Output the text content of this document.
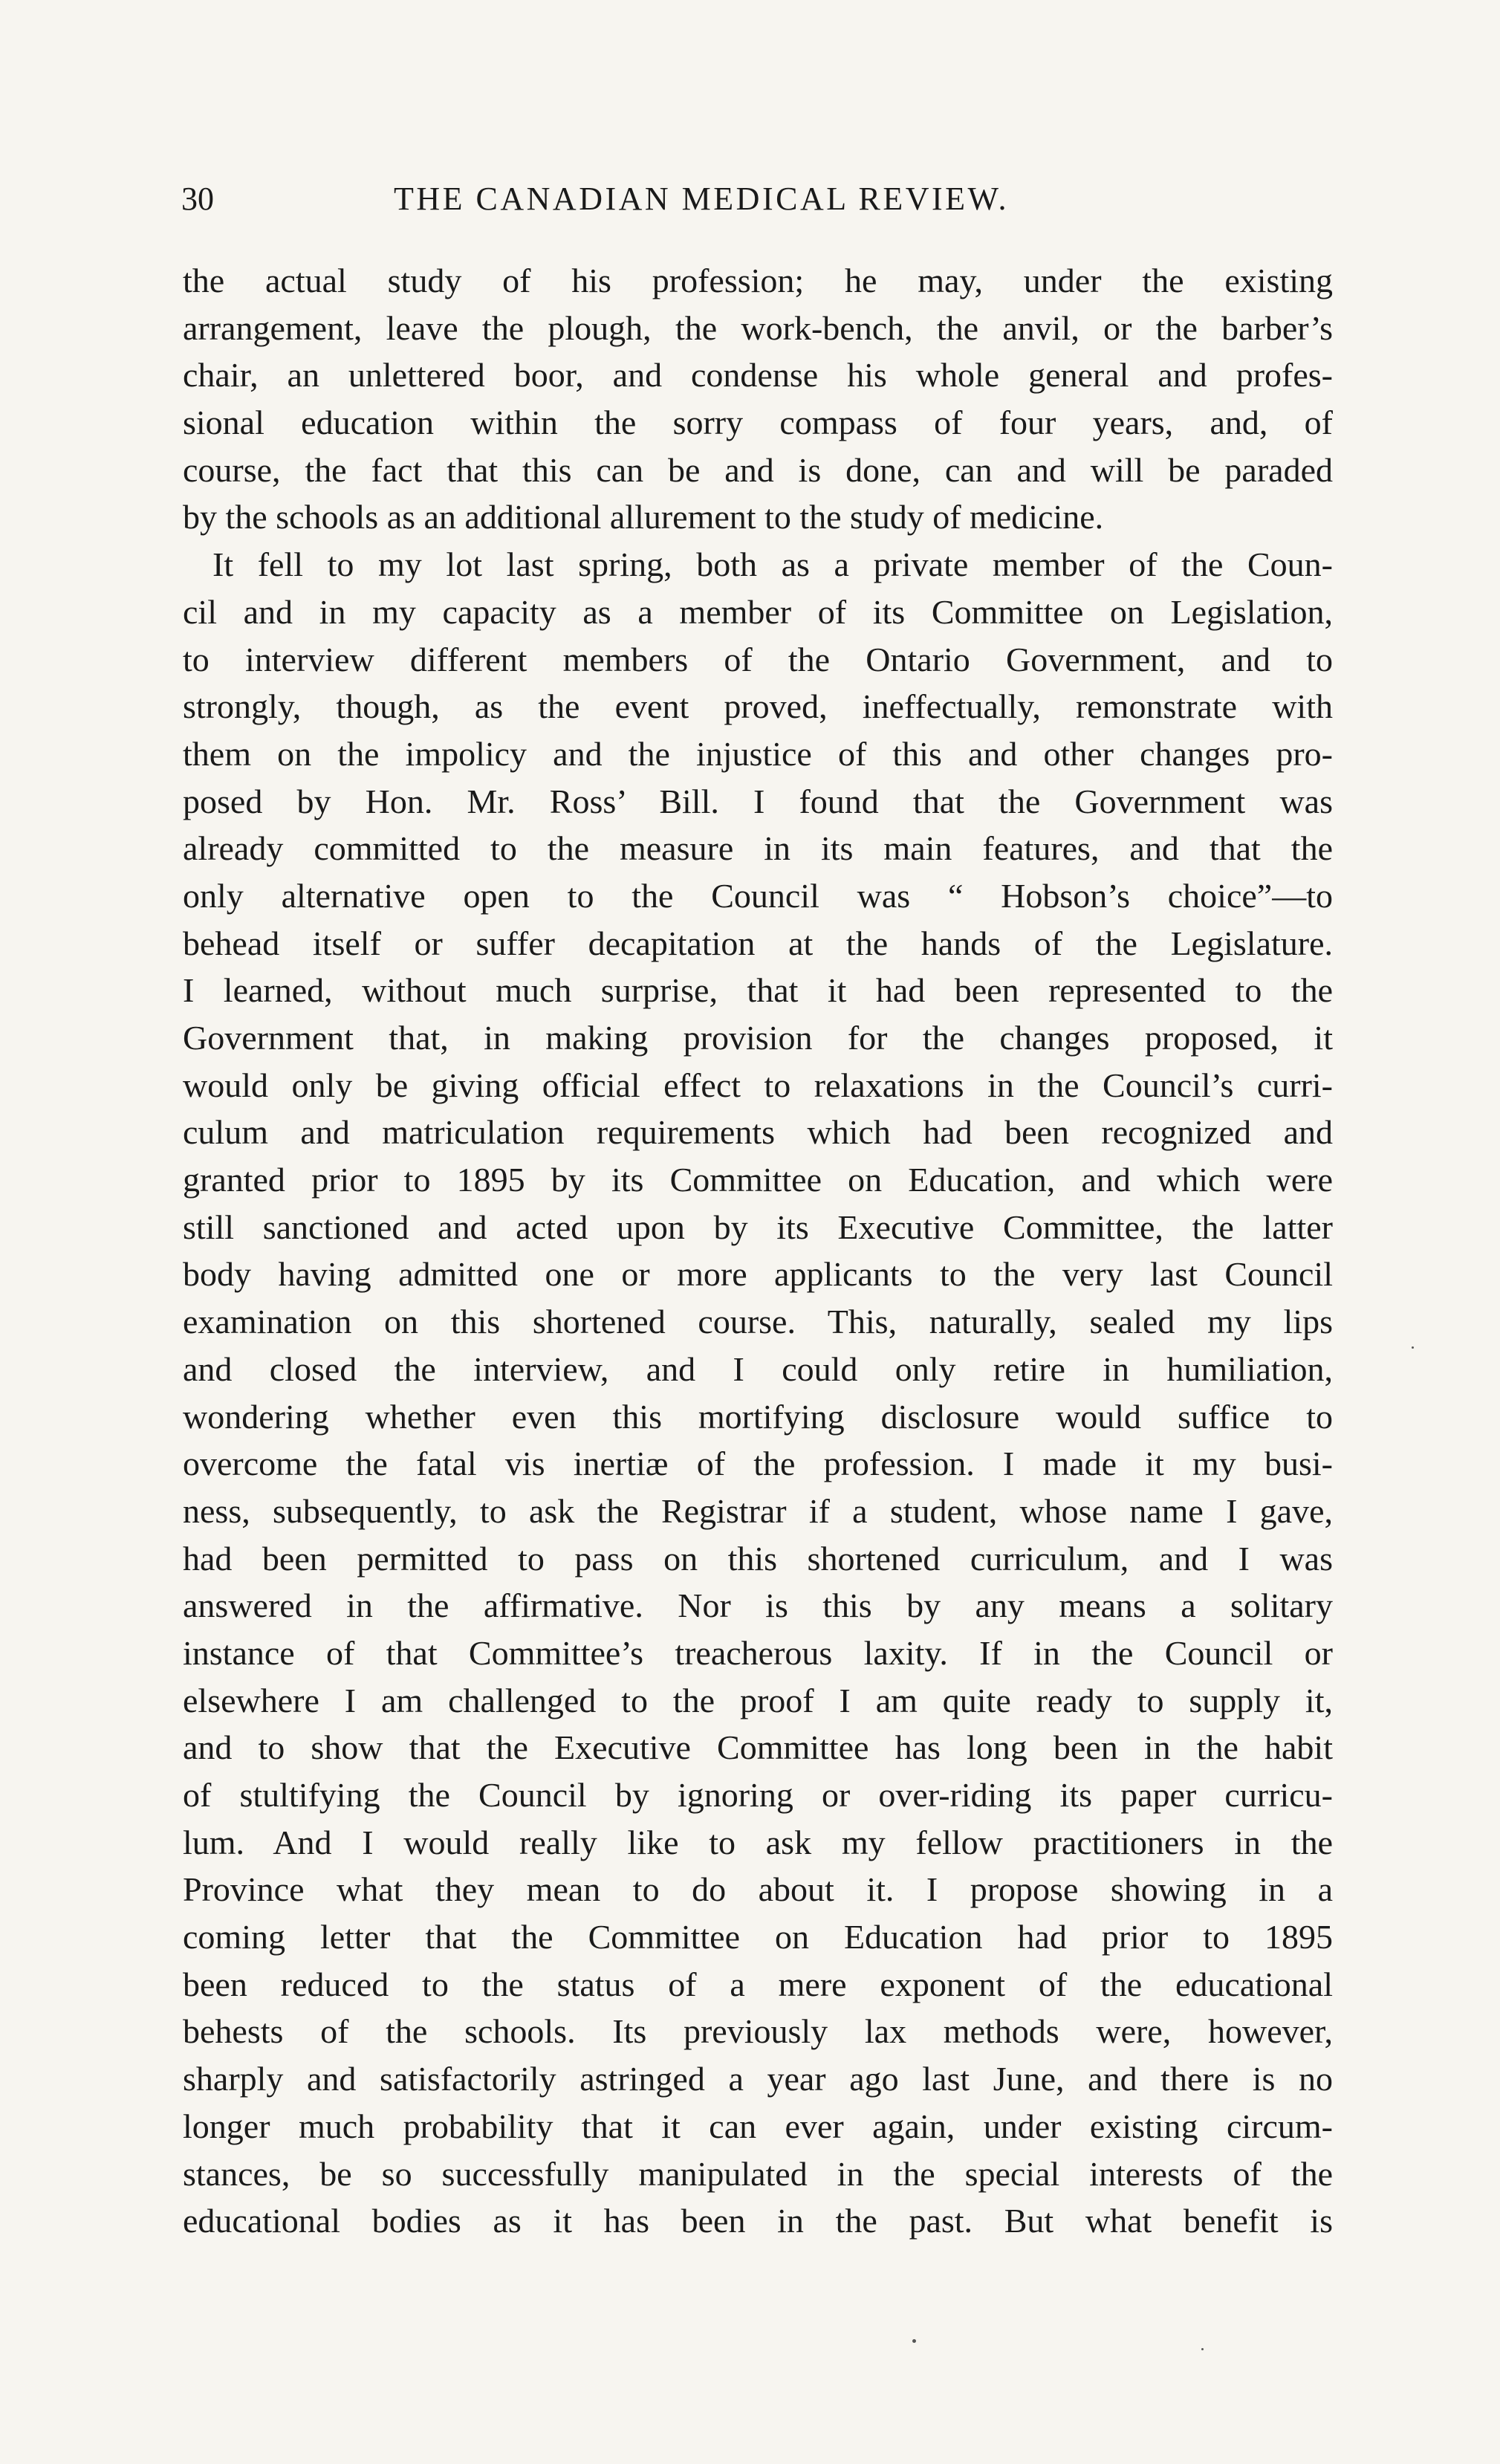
30	THE CANADIAN MEDICAL REVIEW.
the actual study of his profession; he may, under the existing
arrangement, leave the plough, the work-bench, the anvil, or the barber’s
chair, an unlettered boor, and condense his whole general and profes-
sional education within the sorry compass of four years, and, of
course, the fact that this can be and is done, can and will be paraded
by the schools as an additional allurement to the study of medicine.
It fell to my lot last spring, both as a private member of the Coun-
cil and in my capacity as a member of its Committee on Legislation,
to interview different members of the Ontario Government, and to
strongly, though, as the event proved, ineffectually, remonstrate with
them on the impolicy and the injustice of this and other changes pro-
posed by Hon. Mr. Ross’ Bill. I found that the Government was
already committed to the measure in its main features, and that the
only alternative open to the Council was “ Hobson’s choice”—to
behead itself or suffer decapitation at the hands of the Legislature.
I learned, without much surprise, that it had been represented to the
Government that, in making provision for the changes proposed, it
would only be giving official effect to relaxations in the Council’s curri-
culum and matriculation requirements which had been recognized and
granted prior to 1895 by its Committee on Education, and which were
still sanctioned and acted upon by its Executive Committee, the latter
body having admitted one or more applicants to the very last Council
examination on this shortened course. This, naturally, sealed my lips
and closed the interview, and I could only retire in humiliation,
wondering whether even this mortifying disclosure would suffice to
overcome the fatal vis inertiæ of the profession. I made it my busi-
ness, subsequently, to ask the Registrar if a student, whose name I gave,
had been permitted to pass on this shortened curriculum, and I was
answered in the affirmative. Nor is this by any means a solitary
instance of that Committee’s treacherous laxity. If in the Council or
elsewhere I am challenged to the proof I am quite ready to supply it,
and to show that the Executive Committee has long been in the habit
of stultifying the Council by ignoring or over-riding its paper curricu-
lum. And I would really like to ask my fellow practitioners in the
Province what they mean to do about it. I propose showing in a
coming letter that the Committee on Education had prior to 1895
been reduced to the status of a mere exponent of the educational
behests of the schools. Its previously lax methods were, however,
sharply and satisfactorily astringed a year ago last June, and there is no
longer much probability that it can ever again, under existing circum-
stances, be so successfully manipulated in the special interests of the
educational bodies as it has been in the past. But what benefit is
